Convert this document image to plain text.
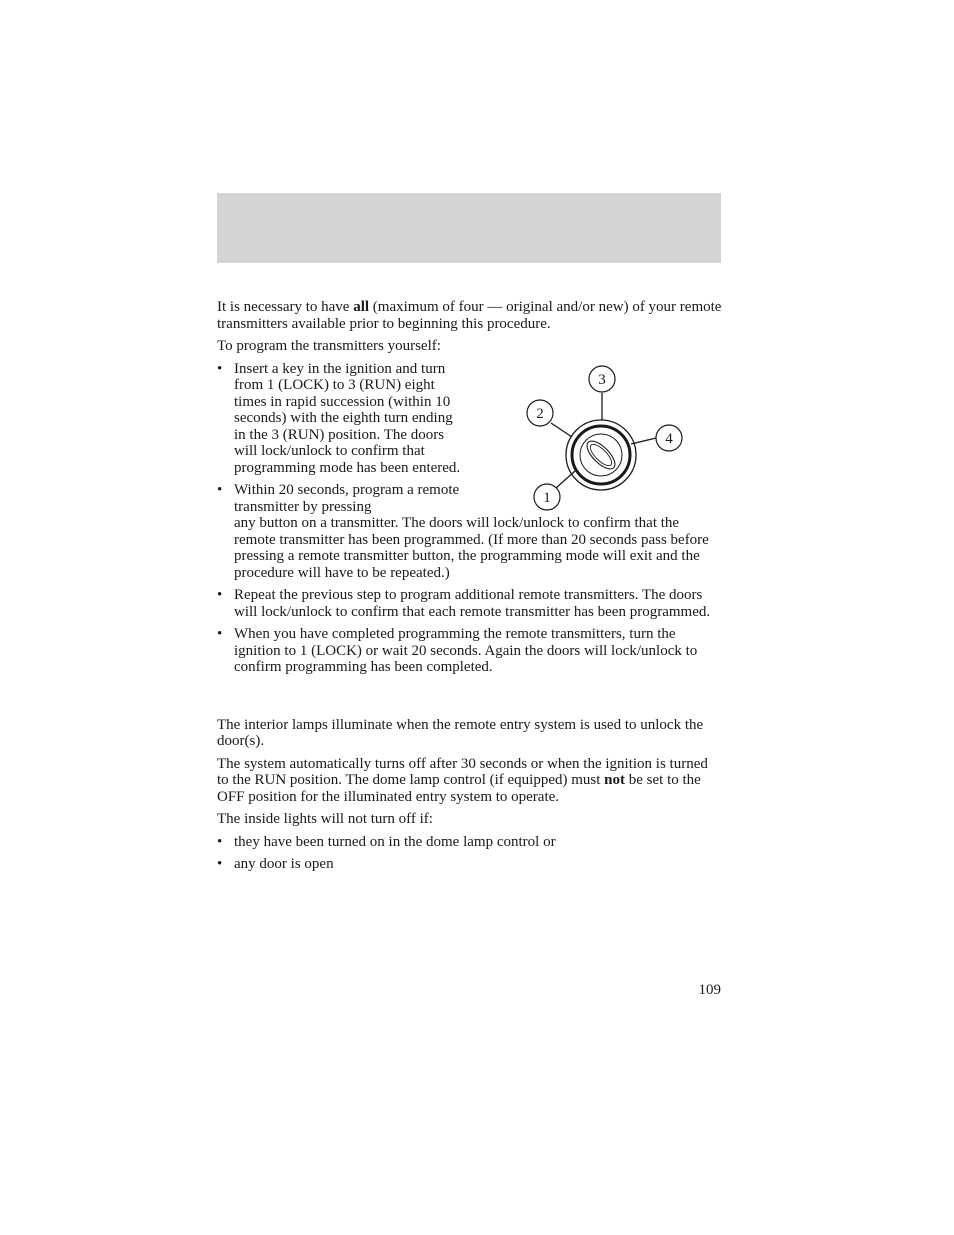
It is necessary to have all (maximum of four — original and/or new) of your remote transmitters available prior to beginning this procedure.

To program the transmitters yourself:

• Insert a key in the ignition and turn from 1 (LOCK) to 3 (RUN) eight times in rapid succession (within 10 seconds) with the eighth turn ending in the 3 (RUN) position. The doors will lock/unlock to confirm that programming mode has been entered.
• Within 20 seconds, program a remote transmitter by pressing
any button on a transmitter. The doors will lock/unlock to confirm that the remote transmitter has been programmed. (If more than 20 seconds pass before pressing a remote transmitter button, the programming mode will exit and the procedure will have to be repeated.)
• Repeat the previous step to program additional remote transmitters. The doors will lock/unlock to confirm that each remote transmitter has been programmed.
• When you have completed programming the remote transmitters, turn the ignition to 1 (LOCK) or wait 20 seconds. Again the doors will lock/unlock to confirm programming has been completed.

The interior lamps illuminate when the remote entry system is used to unlock the door(s).

The system automatically turns off after 30 seconds or when the ignition is turned to the RUN position. The dome lamp control (if equipped) must not be set to the OFF position for the illuminated entry system to operate.

The inside lights will not turn off if:

• they have been turned on in the dome lamp control or
• any door is open
3
2
4
1
109
